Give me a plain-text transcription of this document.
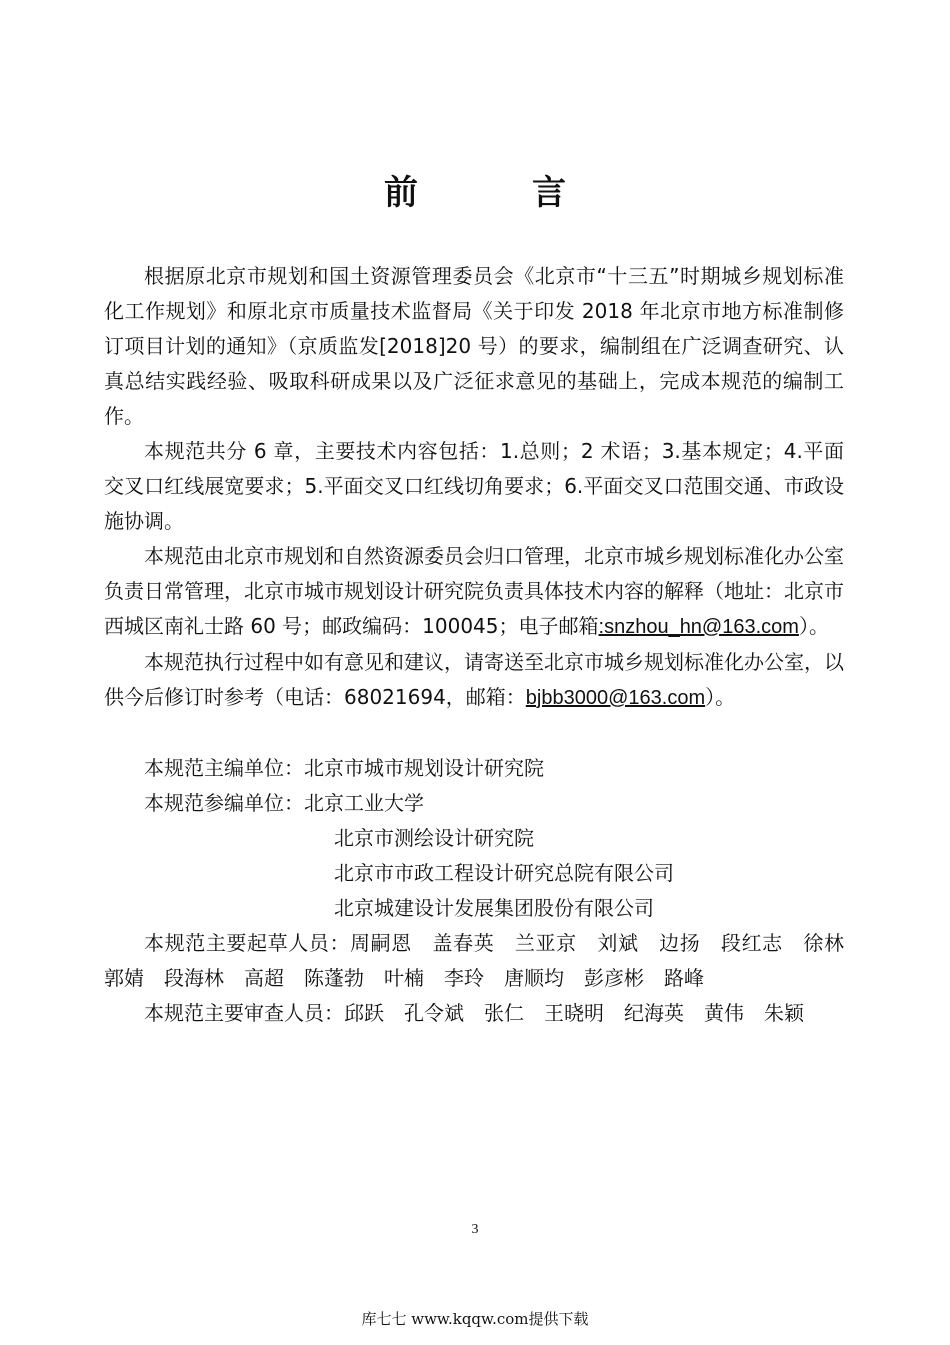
前　言

根据原北京市规划和国土资源管理委员会《北京市“十三五”时期城乡规划标准化工作规划》和原北京市质量技术监督局《关于印发 2018 年北京市地方标准制修订项目计划的通知》（京质监发[2018]20 号）的要求，编制组在广泛调查研究、认真总结实践经验、吸取科研成果以及广泛征求意见的基础上，完成本规范的编制工作。

本规范共分 6 章，主要技术内容包括：1.总则；2 术语；3.基本规定；4.平面交叉口红线展宽要求；5.平面交叉口红线切角要求；6.平面交叉口范围交通、市政设施协调。

本规范由北京市规划和自然资源委员会归口管理，北京市城乡规划标准化办公室负责日常管理，北京市城市规划设计研究院负责具体技术内容的解释（地址：北京市西城区南礼士路 60 号；邮政编码：100045；电子邮箱:snzhou_hn@163.com）。

本规范执行过程中如有意见和建议，请寄送至北京市城乡规划标准化办公室，以供今后修订时参考（电话：68021694，邮箱：bjbb3000@163.com）。

本规范主编单位：北京市城市规划设计研究院
本规范参编单位：北京工业大学
北京市测绘设计研究院
北京市市政工程设计研究总院有限公司
北京城建设计发展集团股份有限公司

本规范主要起草人员：周嗣恩　盖春英　兰亚京　刘斌　边扬　段红志　徐林　郭婧　段海林　高超　陈蓬勃　叶楠　李玲　唐顺均　彭彦彬　路峰

本规范主要审查人员：邱跃　孔令斌　张仁　王晓明　纪海英　黄伟　朱颖

3
库七七 www.kqqw.com提供下载
